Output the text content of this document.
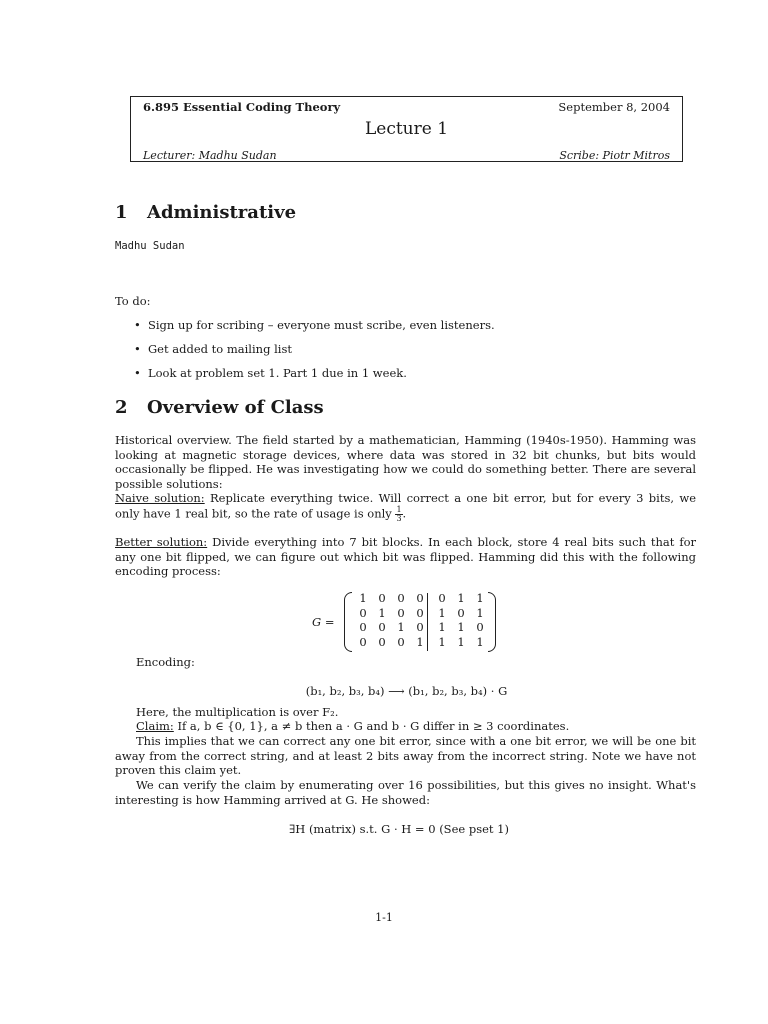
6.895 Essential Coding Theory	September 8, 2004
Lecture 1
Lecturer: Madhu Sudan	Scribe: Piotr Mitros
1 Administrative
Madhu Sudan
To do:
• Sign up for scribing – everyone must scribe, even listeners.
• Get added to mailing list
• Look at problem set 1. Part 1 due in 1 week.
2 Overview of Class
Historical overview. The field started by a mathematician, Hamming (1940s-1950). Hamming was looking at magnetic storage devices, where data was stored in 32 bit chunks, but bits would occasionally be flipped. He was investigating how we could do something better. There are several possible solutions:
Naive solution: Replicate everything twice. Will correct a one bit error, but for every 3 bits, we only have 1 real bit, so the rate of usage is only $\frac{1}{3}$ .
Better solution: Divide everything into 7 bit blocks. In each block, store 4 real bits such that for any one bit flipped, we can figure out which bit was flipped. Hamming did this with the following encoding process:
G =
1 0 0 0 0 1 1
0 1 0 0 1 0 1
0 0 1 0 1 1 0
0 0 0 1 1 1 1
Encoding:
(b₁, b₂, b₃, b₄) ⟶ (b₁, b₂, b₃, b₄) · G
Here, the multiplication is over F₂.
Claim: If a, b ∈ {0, 1}, a ≠ b then a · G and b · G differ in ≥ 3 coordinates.
This implies that we can correct any one bit error, since with a one bit error, we will be one bit away from the correct string, and at least 2 bits away from the incorrect string. Note we have not proven this claim yet.
We can verify the claim by enumerating over 16 possibilities, but this gives no insight. What's interesting is how Hamming arrived at G. He showed:
∃H (matrix) s.t. G · H = 0 (See pset 1)
1-1
